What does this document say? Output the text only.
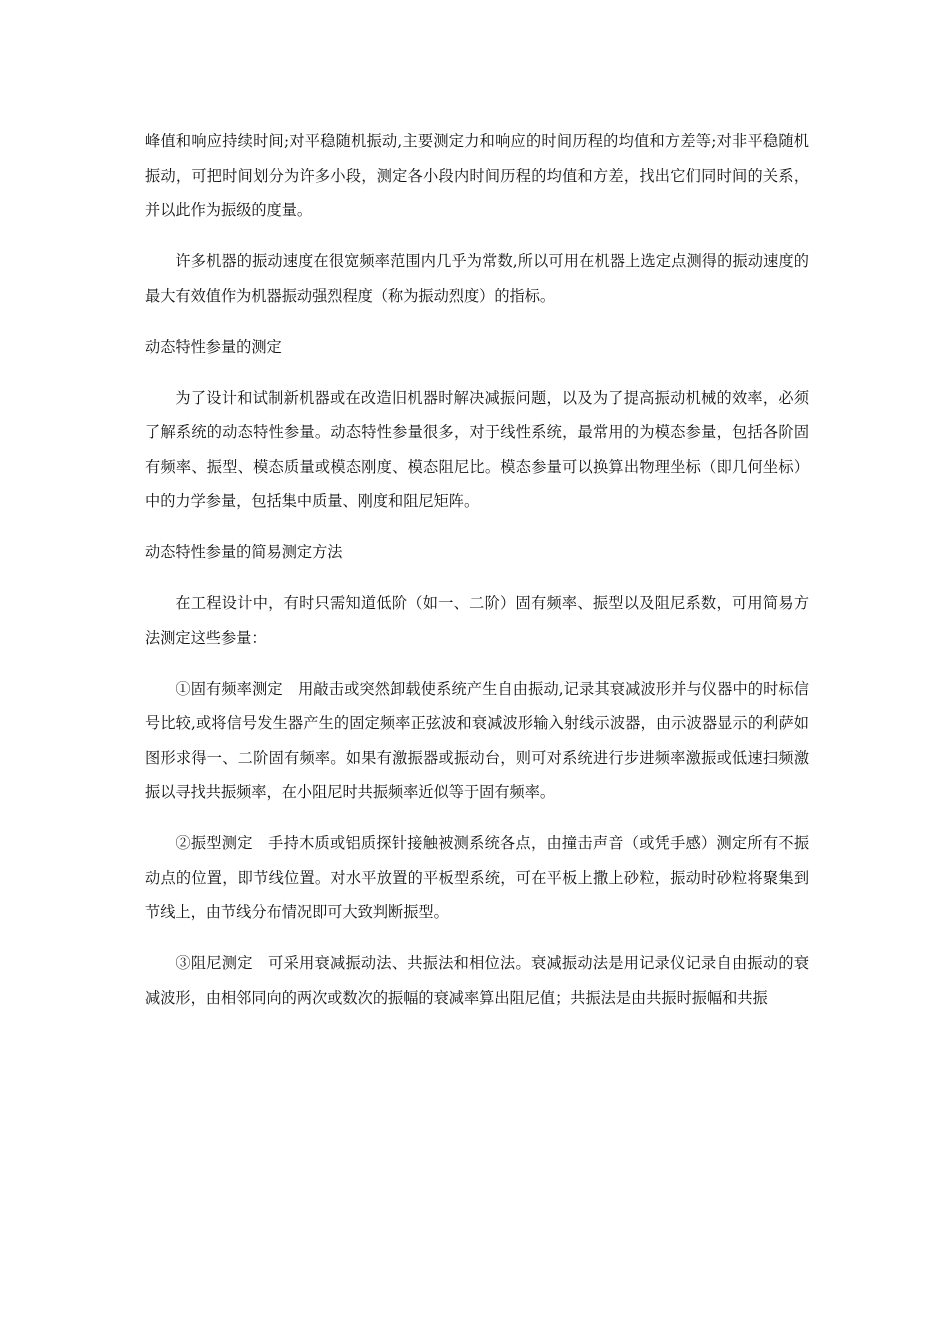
峰值和响应持续时间;对平稳随机振动,主要测定力和响应的时间历程的均值和方差等;对非平稳随机振动，可把时间划分为许多小段，测定各小段内时间历程的均值和方差，找出它们同时间的关系，并以此作为振级的度量。

许多机器的振动速度在很宽频率范围内几乎为常数,所以可用在机器上选定点测得的振动速度的最大有效值作为机器振动强烈程度（称为振动烈度）的指标。

动态特性参量的测定

为了设计和试制新机器或在改造旧机器时解决减振问题，以及为了提高振动机械的效率，必须了解系统的动态特性参量。动态特性参量很多，对于线性系统，最常用的为模态参量，包括各阶固有频率、振型、模态质量或模态刚度、模态阻尼比。模态参量可以换算出物理坐标（即几何坐标）中的力学参量，包括集中质量、刚度和阻尼矩阵。

动态特性参量的简易测定方法

在工程设计中，有时只需知道低阶（如一、二阶）固有频率、振型以及阻尼系数，可用简易方法测定这些参量：

①固有频率测定　用敲击或突然卸载使系统产生自由振动,记录其衰减波形并与仪器中的时标信号比较,或将信号发生器产生的固定频率正弦波和衰减波形输入射线示波器，由示波器显示的利萨如图形求得一、二阶固有频率。如果有激振器或振动台，则可对系统进行步进频率激振或低速扫频激振以寻找共振频率，在小阻尼时共振频率近似等于固有频率。

②振型测定　手持木质或铝质探针接触被测系统各点，由撞击声音（或凭手感）测定所有不振动点的位置，即节线位置。对水平放置的平板型系统，可在平板上撒上砂粒，振动时砂粒将聚集到节线上，由节线分布情况即可大致判断振型。

③阻尼测定　可采用衰减振动法、共振法和相位法。衰减振动法是用记录仪记录自由振动的衰减波形，由相邻同向的两次或数次的振幅的衰减率算出阻尼值；共振法是由共振时振幅和共振
